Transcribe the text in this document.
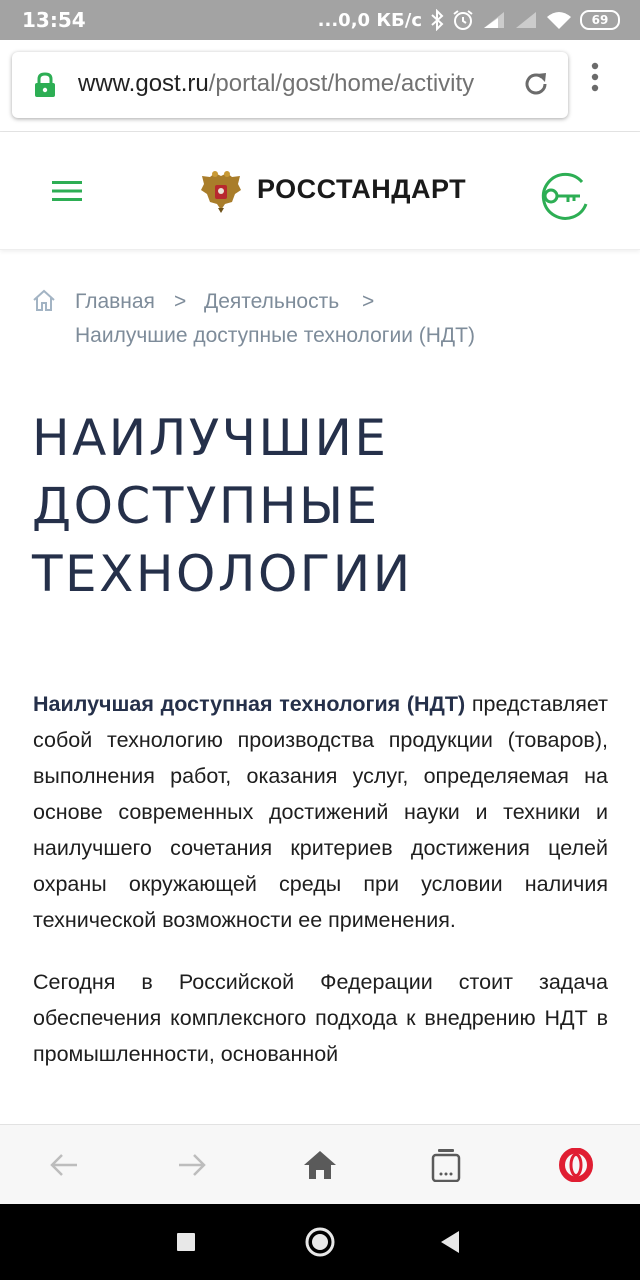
13:54	...0,0 КБ/с	69
www.gost.ru/portal/gost/home/activity
РОССТАНДАРТ
Главная > Деятельность >
Наилучшие доступные технологии (НДТ)
НАИЛУЧШИЕ
ДОСТУПНЫЕ
ТЕХНОЛОГИИ

Наилучшая доступная технология (НДТ) представляет собой технологию производства продукции (товаров), выполнения работ, оказания услуг, определяемая на основе современных достижений науки и техники и наилучшего сочетания критериев достижения целей охраны окружающей среды при условии наличия технической возможности ее применения.

Сегодня в Российской Федерации стоит задача обеспечения комплексного подхода к внедрению НДТ в промышленности, основанной
